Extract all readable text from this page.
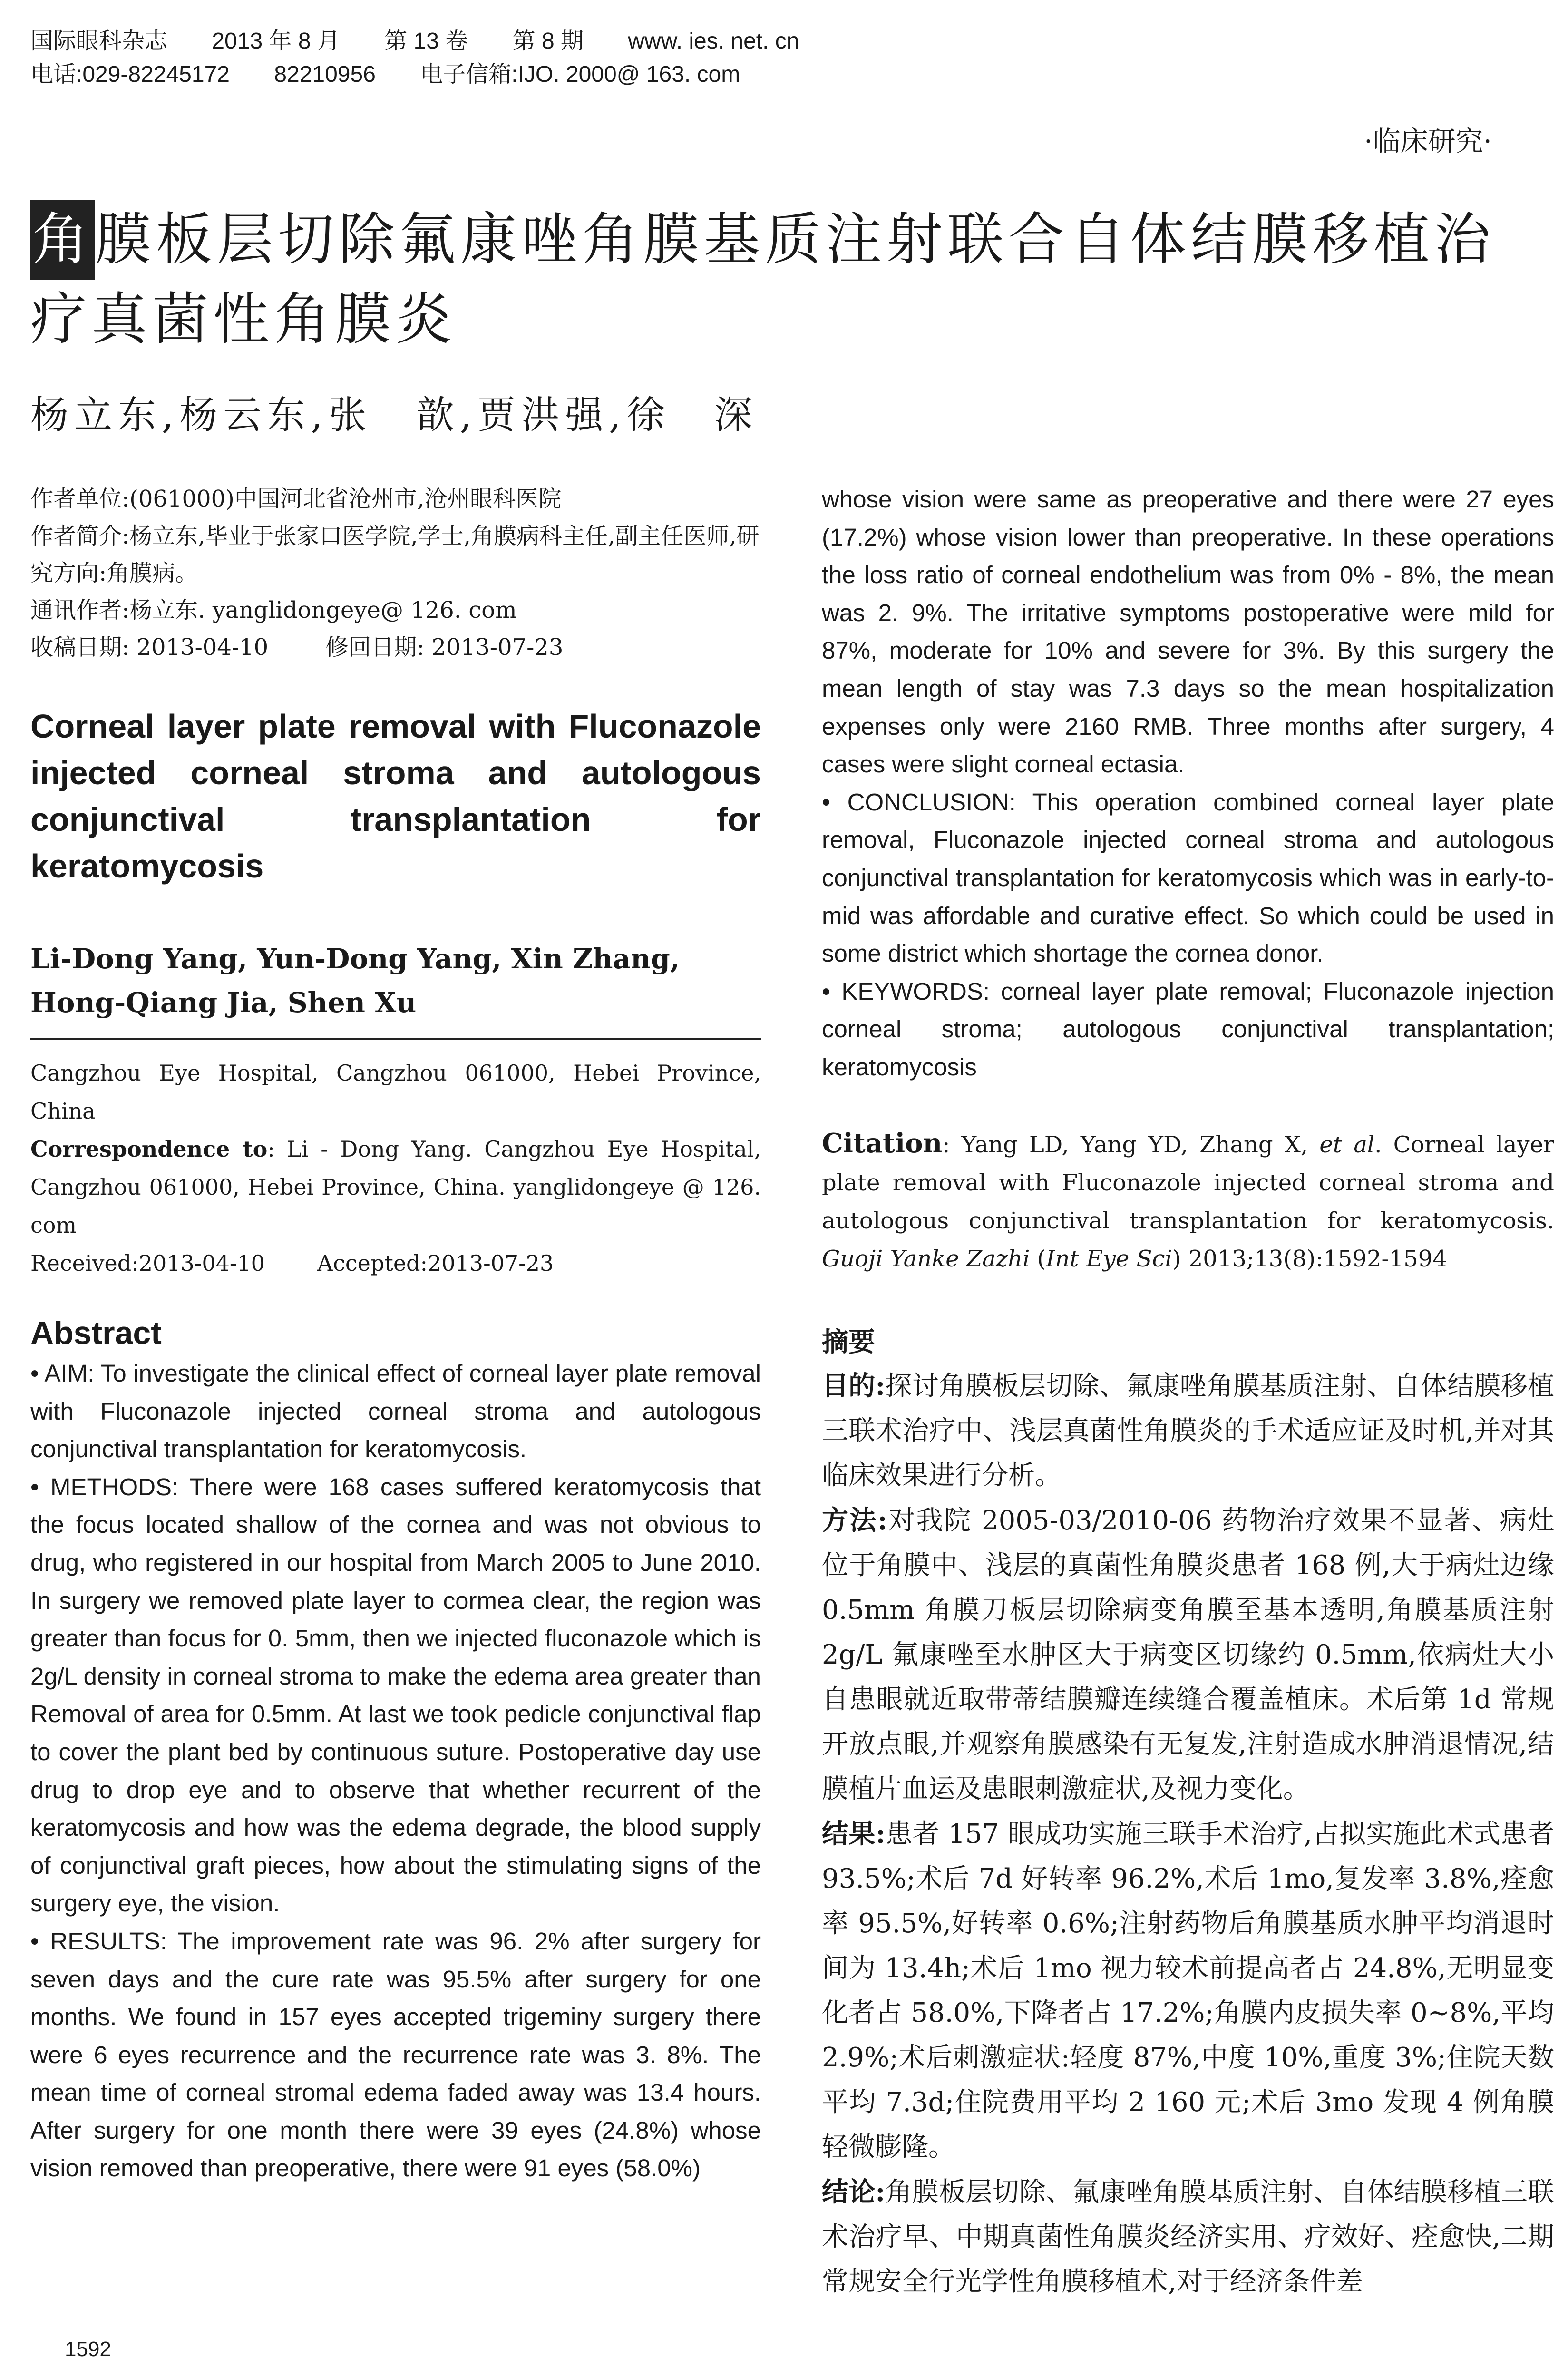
国际眼科杂志 2013 年 8 月 第 13 卷 第 8 期 www. ies. net. cn
电话:029-82245172 82210956 电子信箱:IJO. 2000@ 163. com
·临床研究·
角膜板层切除氟康唑角膜基质注射联合自体结膜移植治疗真菌性角膜炎
杨立东,杨云东,张　歆,贾洪强,徐　深
作者单位:(061000)中国河北省沧州市,沧州眼科医院
作者简介:杨立东,毕业于张家口医学院,学士,角膜病科主任,副主任医师,研究方向:角膜病。
通讯作者:杨立东. yanglidongeye@ 126. com
收稿日期: 2013-04-10	修回日期: 2013-07-23
Corneal layer plate removal with Fluconazole injected corneal stroma and autologous conjunctival transplantation for keratomycosis
Li-Dong Yang, Yun-Dong Yang, Xin Zhang, Hong-Qiang Jia, Shen Xu
Cangzhou Eye Hospital, Cangzhou 061000, Hebei Province, China
Correspondence to: Li - Dong Yang. Cangzhou Eye Hospital, Cangzhou 061000, Hebei Province, China. yanglidongeye @ 126. com
Received:2013-04-10 Accepted:2013-07-23
Abstract
• AIM: To investigate the clinical effect of corneal layer plate removal with Fluconazole injected corneal stroma and autologous conjunctival transplantation for keratomycosis.
• METHODS: There were 168 cases suffered keratomycosis that the focus located shallow of the cornea and was not obvious to drug, who registered in our hospital from March 2005 to June 2010. In surgery we removed plate layer to cormea clear, the region was greater than focus for 0. 5mm, then we injected fluconazole which is 2g/L density in corneal stroma to make the edema area greater than Removal of area for 0.5mm. At last we took pedicle conjunctival flap to cover the plant bed by continuous suture. Postoperative day use drug to drop eye and to observe that whether recurrent of the keratomycosis and how was the edema degrade, the blood supply of conjunctival graft pieces, how about the stimulating signs of the surgery eye, the vision.
• RESULTS: The improvement rate was 96. 2% after surgery for seven days and the cure rate was 95.5% after surgery for one months. We found in 157 eyes accepted trigeminy surgery there were 6 eyes recurrence and the recurrence rate was 3. 8%. The mean time of corneal stromal edema faded away was 13.4 hours. After surgery for one month there were 39 eyes (24.8%) whose vision removed than preoperative, there were 91 eyes (58.0%)
whose vision were same as preoperative and there were 27 eyes (17.2%) whose vision lower than preoperative. In these operations the loss ratio of corneal endothelium was from 0% - 8%, the mean was 2. 9%. The irritative symptoms postoperative were mild for 87%, moderate for 10% and severe for 3%. By this surgery the mean length of stay was 7.3 days so the mean hospitalization expenses only were 2160 RMB. Three months after surgery, 4 cases were slight corneal ectasia.
• CONCLUSION: This operation combined corneal layer plate removal, Fluconazole injected corneal stroma and autologous conjunctival transplantation for keratomycosis which was in early-to-mid was affordable and curative effect. So which could be used in some district which shortage the cornea donor.
• KEYWORDS: corneal layer plate removal; Fluconazole injection corneal stroma; autologous conjunctival transplantation; keratomycosis
Citation: Yang LD, Yang YD, Zhang X, et al. Corneal layer plate removal with Fluconazole injected corneal stroma and autologous conjunctival transplantation for keratomycosis. Guoji Yanke Zazhi (Int Eye Sci) 2013;13(8):1592-1594
摘要
目的:探讨角膜板层切除、氟康唑角膜基质注射、自体结膜移植三联术治疗中、浅层真菌性角膜炎的手术适应证及时机,并对其临床效果进行分析。
方法:对我院 2005-03/2010-06 药物治疗效果不显著、病灶位于角膜中、浅层的真菌性角膜炎患者 168 例,大于病灶边缘 0.5mm 角膜刀板层切除病变角膜至基本透明,角膜基质注射 2g/L 氟康唑至水肿区大于病变区切缘约 0.5mm,依病灶大小自患眼就近取带蒂结膜瓣连续缝合覆盖植床。术后第 1d 常规开放点眼,并观察角膜感染有无复发,注射造成水肿消退情况,结膜植片血运及患眼刺激症状,及视力变化。
结果:患者 157 眼成功实施三联手术治疗,占拟实施此术式患者 93.5%;术后 7d 好转率 96.2%,术后 1mo,复发率 3.8%,痊愈率 95.5%,好转率 0.6%;注射药物后角膜基质水肿平均消退时间为 13.4h;术后 1mo 视力较术前提高者占 24.8%,无明显变化者占 58.0%,下降者占 17.2%;角膜内皮损失率 0~8%,平均 2.9%;术后刺激症状:轻度 87%,中度 10%,重度 3%;住院天数平均 7.3d;住院费用平均 2 160 元;术后 3mo 发现 4 例角膜轻微膨隆。
结论:角膜板层切除、氟康唑角膜基质注射、自体结膜移植三联术治疗早、中期真菌性角膜炎经济实用、疗效好、痊愈快,二期常规安全行光学性角膜移植术,对于经济条件差
1592
